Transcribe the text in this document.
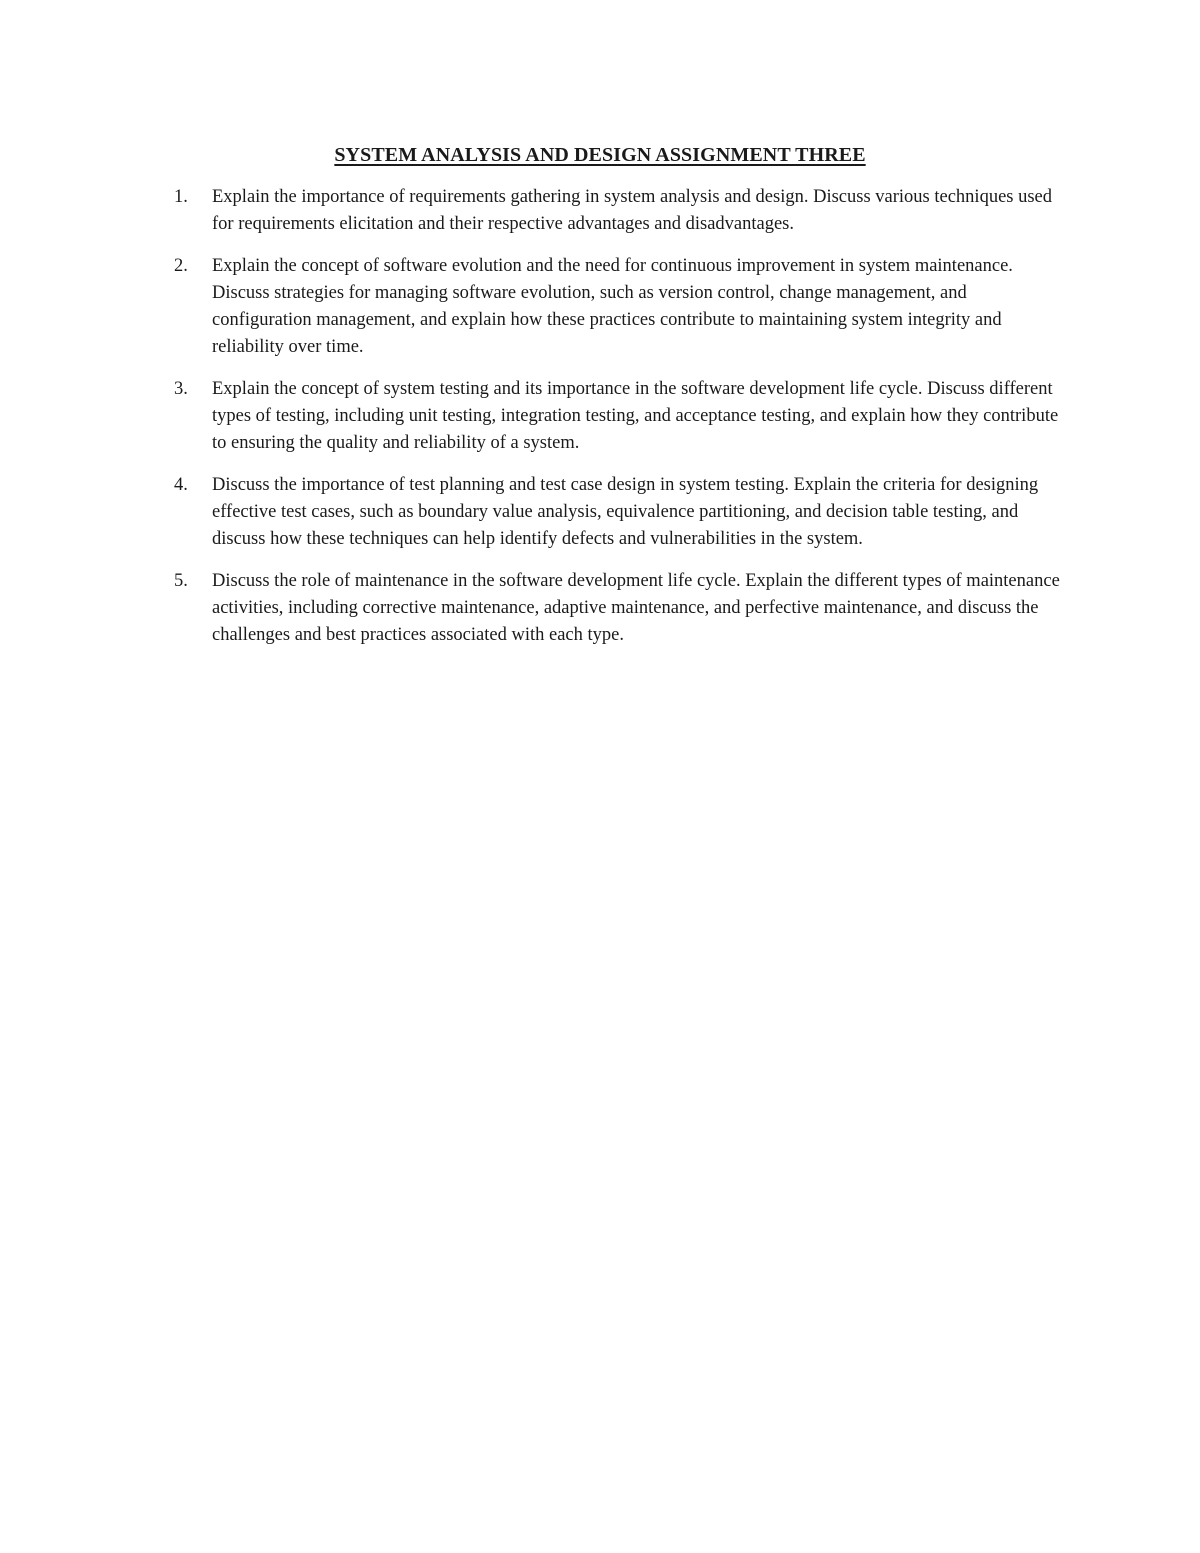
SYSTEM ANALYSIS AND DESIGN ASSIGNMENT THREE
1. Explain the importance of requirements gathering in system analysis and design. Discuss various techniques used for requirements elicitation and their respective advantages and disadvantages.
2. Explain the concept of software evolution and the need for continuous improvement in system maintenance. Discuss strategies for managing software evolution, such as version control, change management, and configuration management, and explain how these practices contribute to maintaining system integrity and reliability over time.
3. Explain the concept of system testing and its importance in the software development life cycle. Discuss different types of testing, including unit testing, integration testing, and acceptance testing, and explain how they contribute to ensuring the quality and reliability of a system.
4. Discuss the importance of test planning and test case design in system testing. Explain the criteria for designing effective test cases, such as boundary value analysis, equivalence partitioning, and decision table testing, and discuss how these techniques can help identify defects and vulnerabilities in the system.
5. Discuss the role of maintenance in the software development life cycle. Explain the different types of maintenance activities, including corrective maintenance, adaptive maintenance, and perfective maintenance, and discuss the challenges and best practices associated with each type.
